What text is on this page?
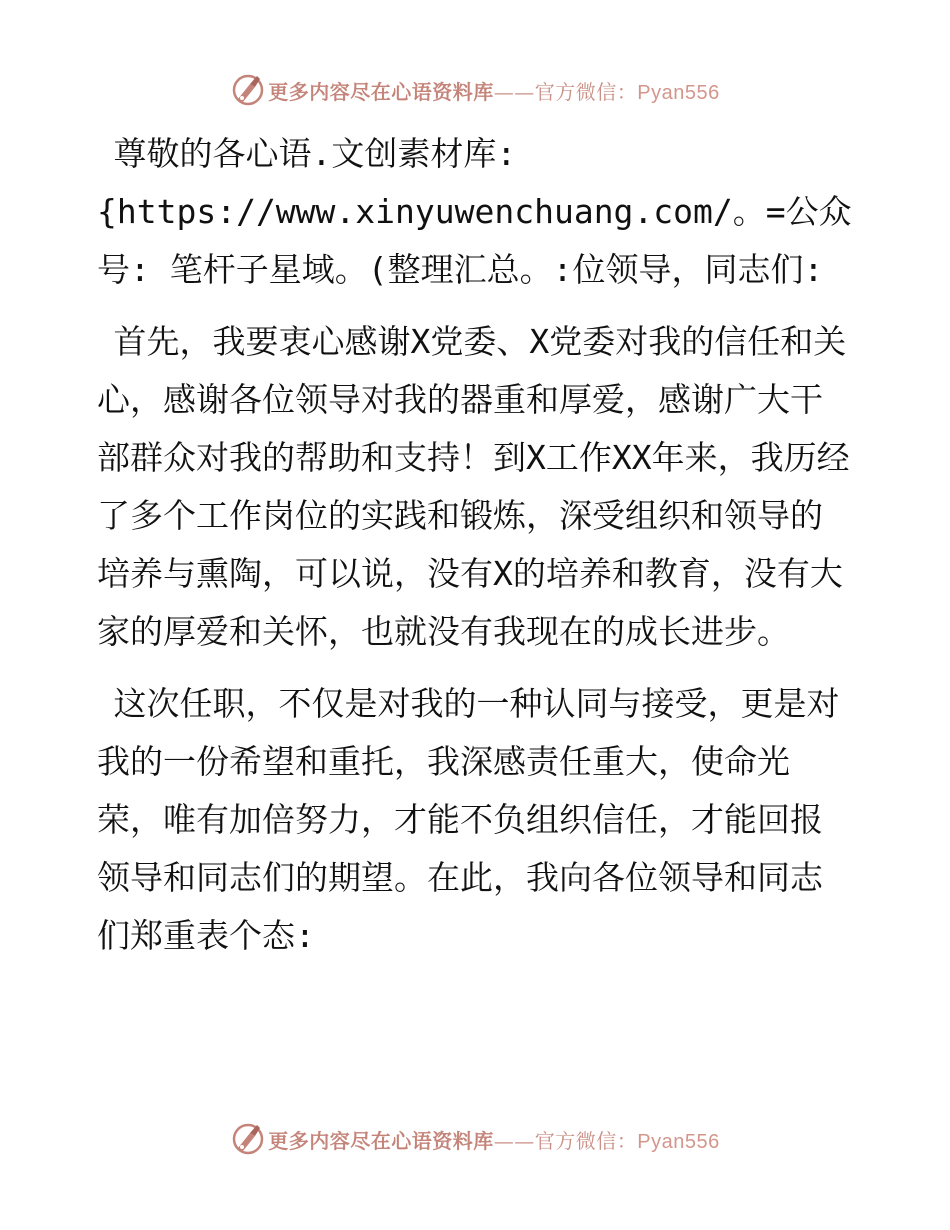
更多内容尽在心语资料库——官方微信：Pyan556

尊敬的各心语.文创素材库: {https://www.xinyuwenchuang.com/。=公众号: 笔杆子星域。(整理汇总。:位领导，同志们:

首先，我要衷心感谢X党委、X党委对我的信任和关心，感谢各位领导对我的器重和厚爱，感谢广大干部群众对我的帮助和支持！到X工作XX年来，我历经了多个工作岗位的实践和锻炼，深受组织和领导的培养与熏陶，可以说，没有X的培养和教育，没有大家的厚爱和关怀，也就没有我现在的成长进步。

这次任职，不仅是对我的一种认同与接受，更是对我的一份希望和重托，我深感责任重大，使命光荣，唯有加倍努力，才能不负组织信任，才能回报领导和同志们的期望。在此，我向各位领导和同志们郑重表个态:

更多内容尽在心语资料库——官方微信：Pyan556
